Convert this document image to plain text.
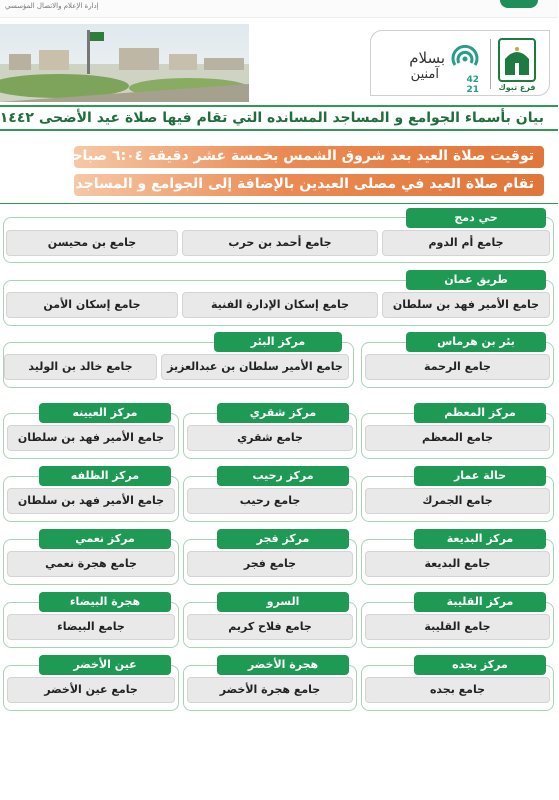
إدارة الإعلام والاتصال المؤسسي
فرع تبوك
42
21
بسلام
آمنين
بيان بأسماء الجوامع و المساجد المسانده التي تقام فيها صلاة عيد الأضحى ١٤٤٢
توقيت صلاة العيد بعد شروق الشمس بخمسة عشر دقيقة ٦:٠٤ صباحاً
تقام صلاة العيد في مصلى العيدين بالإضافة إلى الجوامع و المساجد
حي دمج
جامع أم الدوم
جامع أحمد بن حرب
جامع بن محيسن
طريق عمان
جامع الأمير فهد بن سلطان
جامع إسكان الإدارة الفنية
جامع إسكان الأمن
بئر بن هرماس
جامع الرحمة
مركز البئر
جامع الأمير سلطان بن عبدالعزيز
جامع خالد بن الوليد
مركز المعظم
جامع المعظم
مركز شقري
جامع شقري
مركز العيينه
جامع الأمير فهد بن سلطان
حالة عمار
جامع الجمرك
مركز رحيب
جامع رحيب
مركز الظلفه
جامع الأمير فهد بن سلطان
مركز البديعة
جامع البديعة
مركز فجر
جامع فجر
مركز نعمي
جامع هجرة نعمي
مركز القليبة
جامع القليبة
السرو
جامع فلاح كريم
هجرة البيضاء
جامع البيضاء
مركز بجده
جامع بجده
هجرة الأخضر
جامع هجرة الأخضر
عين الأخضر
جامع عين الأخضر
